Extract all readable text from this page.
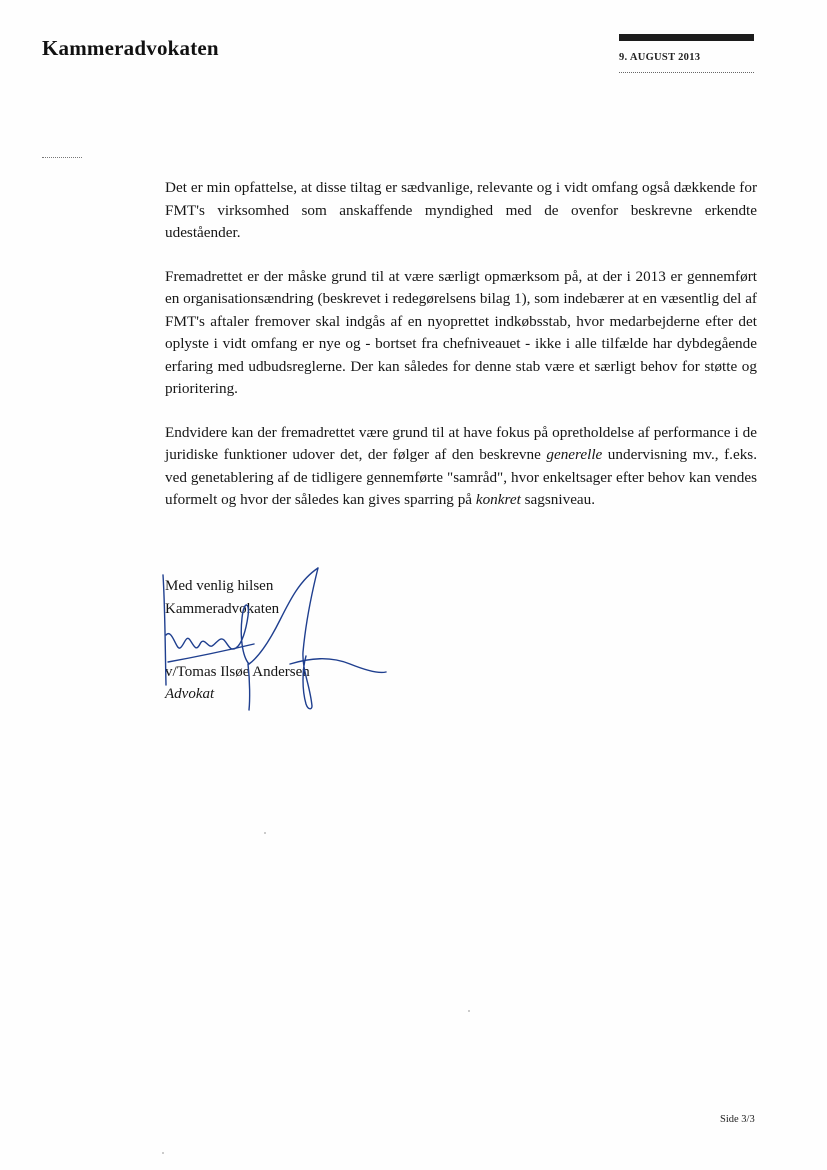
Kammeradvokaten	9. AUGUST 2013

Det er min opfattelse, at disse tiltag er sædvanlige, relevante og i vidt omfang også dækkende for FMT's virksomhed som anskaffende myndighed med de ovenfor beskrevne erkendte udeståender.

Fremadrettet er der måske grund til at være særligt opmærksom på, at der i 2013 er gennemført en organisationsændring (beskrevet i redegørelsens bilag 1), som indebærer at en væsentlig del af FMT's aftaler fremover skal indgås af en nyoprettet indkøbsstab, hvor medarbejderne efter det oplyste i vidt omfang er nye og - bortset fra chefniveauet - ikke i alle tilfælde har dybdegående erfaring med udbudsreglerne. Der kan således for denne stab være et særligt behov for støtte og prioritering.

Endvidere kan der fremadrettet være grund til at have fokus på opretholdelse af performance i de juridiske funktioner udover det, der følger af den beskrevne generelle undervisning mv., f.eks. ved genetablering af de tidligere gennemførte "samråd", hvor enkeltsager efter behov kan vendes uformelt og hvor der således kan gives sparring på konkret sagsniveau.

Med venlig hilsen
Kammeradvokaten
v/Tomas Ilsøe Andersen
Advokat
Side 3/3
